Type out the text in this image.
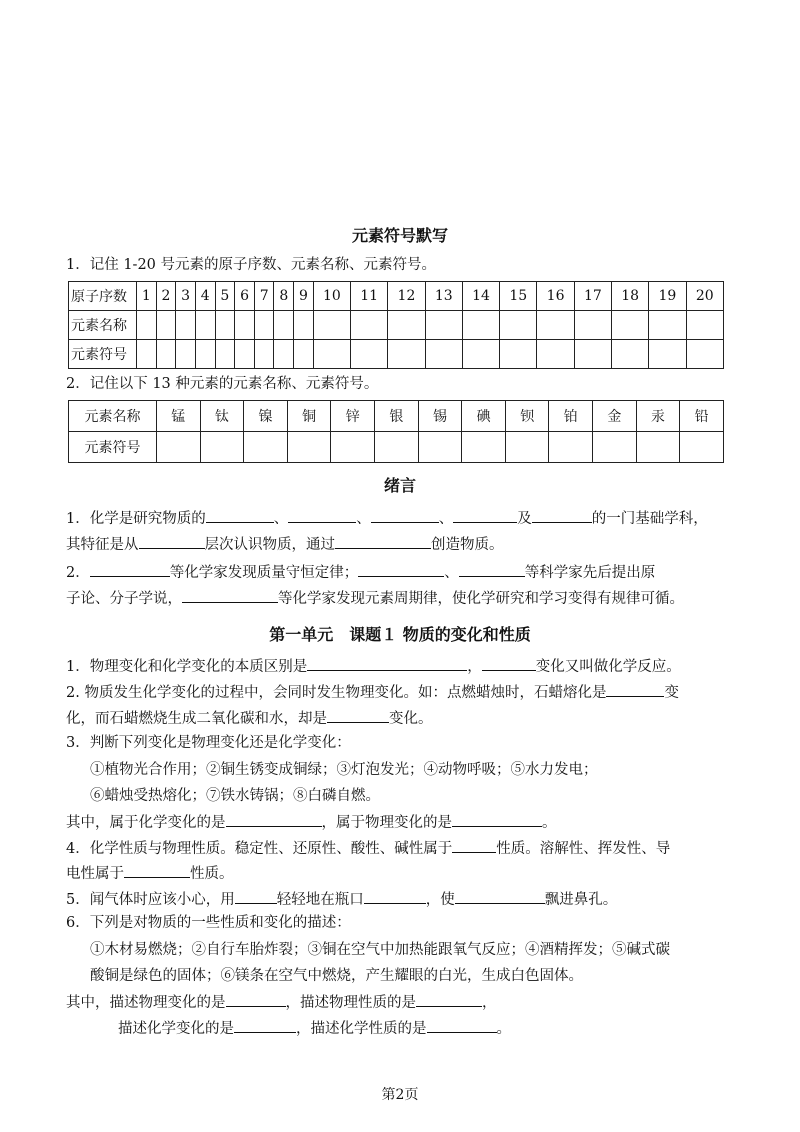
元素符号默写
1．记住 1-20 号元素的原子序数、元素名称、元素符号。
原子序数	1	2	3	4	5	6	7	8	9	10	11	12	13	14	15	16	17	18	19	20
元素名称																				
元素符号																				
2．记住以下 13 种元素的元素名称、元素符号。
元素名称	锰	钛	镍	铜	锌	银	锡	碘	钡	铂	金	汞	铅
元素符号													
绪言
1．化学是研究物质的	、	、	、	及	的一门基础学科，
其特征是从	层次认识物质，通过	创造物质。
2．	等化学家发现质量守恒定律；	、	等科学家先后提出原
子论、分子学说，	等化学家发现元素周期律，使化学研究和学习变得有规律可循。
第一单元　课题１ 物质的变化和性质
1．物理变化和化学变化的本质区别是	，	变化又叫做化学反应。
2. 物质发生化学变化的过程中，会同时发生物理变化。如：点燃蜡烛时，石蜡熔化是	变
化，而石蜡燃烧生成二氧化碳和水，却是	变化。
3．判断下列变化是物理变化还是化学变化：
①植物光合作用；②铜生锈变成铜绿；③灯泡发光；④动物呼吸；⑤水力发电；
⑥蜡烛受热熔化；⑦铁水铸锅；⑧白磷自燃。
其中，属于化学变化的是	，属于物理变化的是	。
4．化学性质与物理性质。稳定性、还原性、酸性、碱性属于	性质。溶解性、挥发性、导
电性属于	性质。
5．闻气体时应该小心，用	轻轻地在瓶口	，使	飘进鼻孔。
6．下列是对物质的一些性质和变化的描述：
①木材易燃烧；②自行车胎炸裂；③铜在空气中加热能跟氧气反应；④酒精挥发；⑤碱式碳
酸铜是绿色的固体；⑥镁条在空气中燃烧，产生耀眼的白光，生成白色固体。
其中，描述物理变化的是	，描述物理性质的是	，
描述化学变化的是	，描述化学性质的是	。
第2页
